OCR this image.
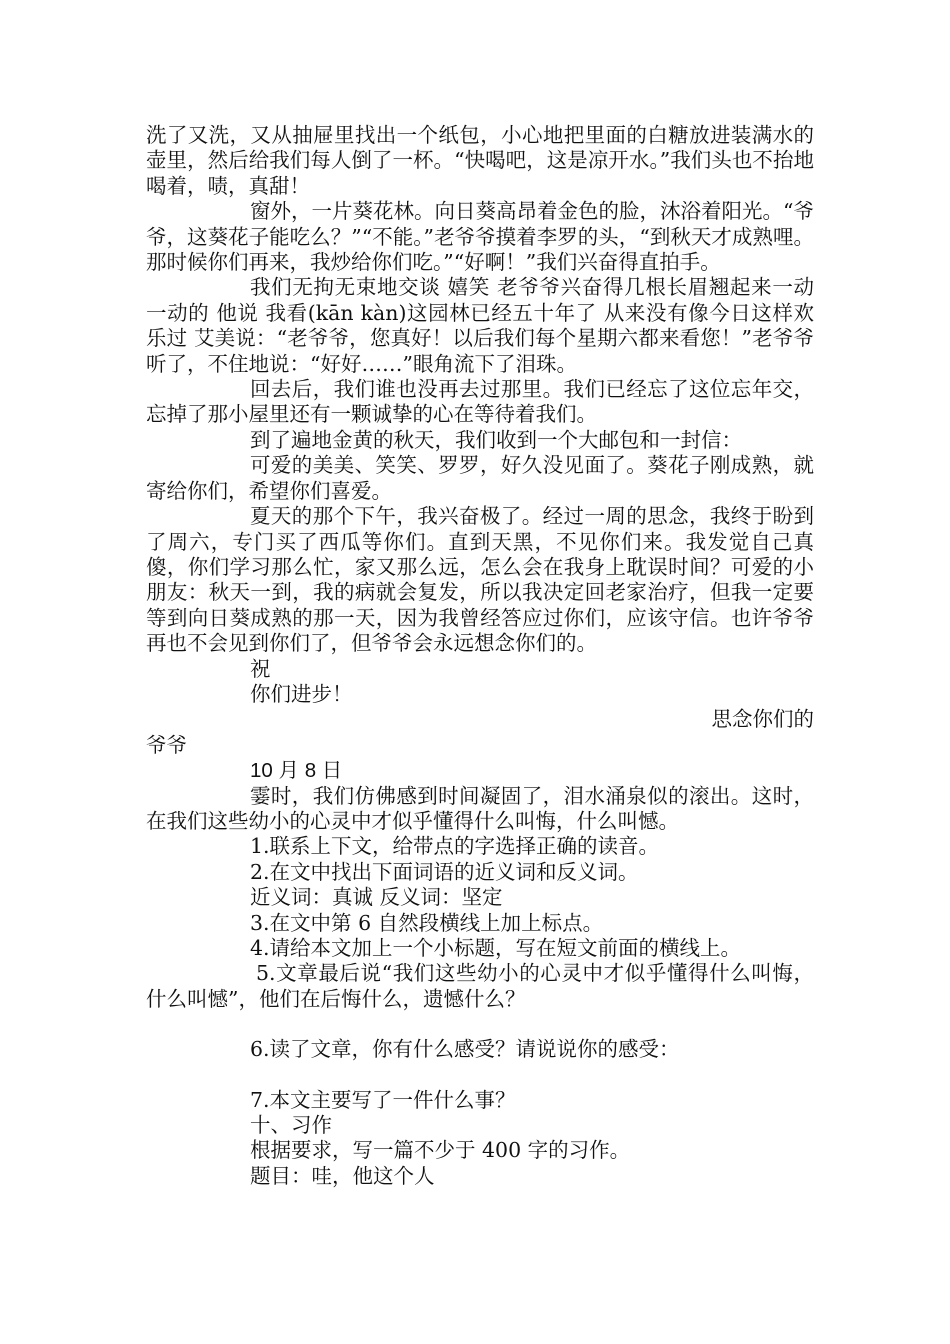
洗了又洗，又从抽屉里找出一个纸包，小心地把里面的白糖放进装满水的壶里，然后给我们每人倒了一杯。“快喝吧，这是凉开水。”我们头也不抬地喝着，啧，真甜！

窗外，一片葵花林。向日葵高昂着金色的脸，沐浴着阳光。“爷爷，这葵花子能吃么？”“不能。”老爷爷摸着李罗的头，“到秋天才成熟哩。那时候你们再来，我炒给你们吃。”“好啊！”我们兴奋得直拍手。

我们无拘无束地交谈 嬉笑 老爷爷兴奋得几根长眉翘起来一动一动的 他说 我看(kān kàn)这园林已经五十年了 从来没有像今日这样欢乐过 艾美说：“老爷爷，您真好！以后我们每个星期六都来看您！”老爷爷听了，不住地说：“好好……”眼角流下了泪珠。

回去后，我们谁也没再去过那里。我们已经忘了这位忘年交，忘掉了那小屋里还有一颗诚挚的心在等待着我们。

到了遍地金黄的秋天，我们收到一个大邮包和一封信：

可爱的美美、笑笑、罗罗，好久没见面了。葵花子刚成熟，就寄给你们，希望你们喜爱。

夏天的那个下午，我兴奋极了。经过一周的思念，我终于盼到了周六，专门买了西瓜等你们。直到天黑，不见你们来。我发觉自己真傻，你们学习那么忙，家又那么远，怎么会在我身上耽误时间？可爱的小朋友：秋天一到，我的病就会复发，所以我决定回老家治疗，但我一定要等到向日葵成熟的那一天，因为我曾经答应过你们，应该守信。也许爷爷再也不会见到你们了，但爷爷会永远想念你们的。

祝

你们进步！

思念你们的

爷爷

10 月 8 日

霎时，我们仿佛感到时间凝固了，泪水涌泉似的滚出。这时，在我们这些幼小的心灵中才似乎懂得什么叫悔，什么叫憾。

1.联系上下文，给带点的字选择正确的读音。

2.在文中找出下面词语的近义词和反义词。

近义词：真诚 反义词：坚定

3.在文中第 6 自然段横线上加上标点。

4.请给本文加上一个小标题，写在短文前面的横线上。

5.文章最后说“我们这些幼小的心灵中才似乎懂得什么叫悔，什么叫憾”，他们在后悔什么，遗憾什么？

6.读了文章，你有什么感受？请说说你的感受：

7.本文主要写了一件什么事？

十、习作

根据要求，写一篇不少于 400 字的习作。

题目：哇，他这个人
